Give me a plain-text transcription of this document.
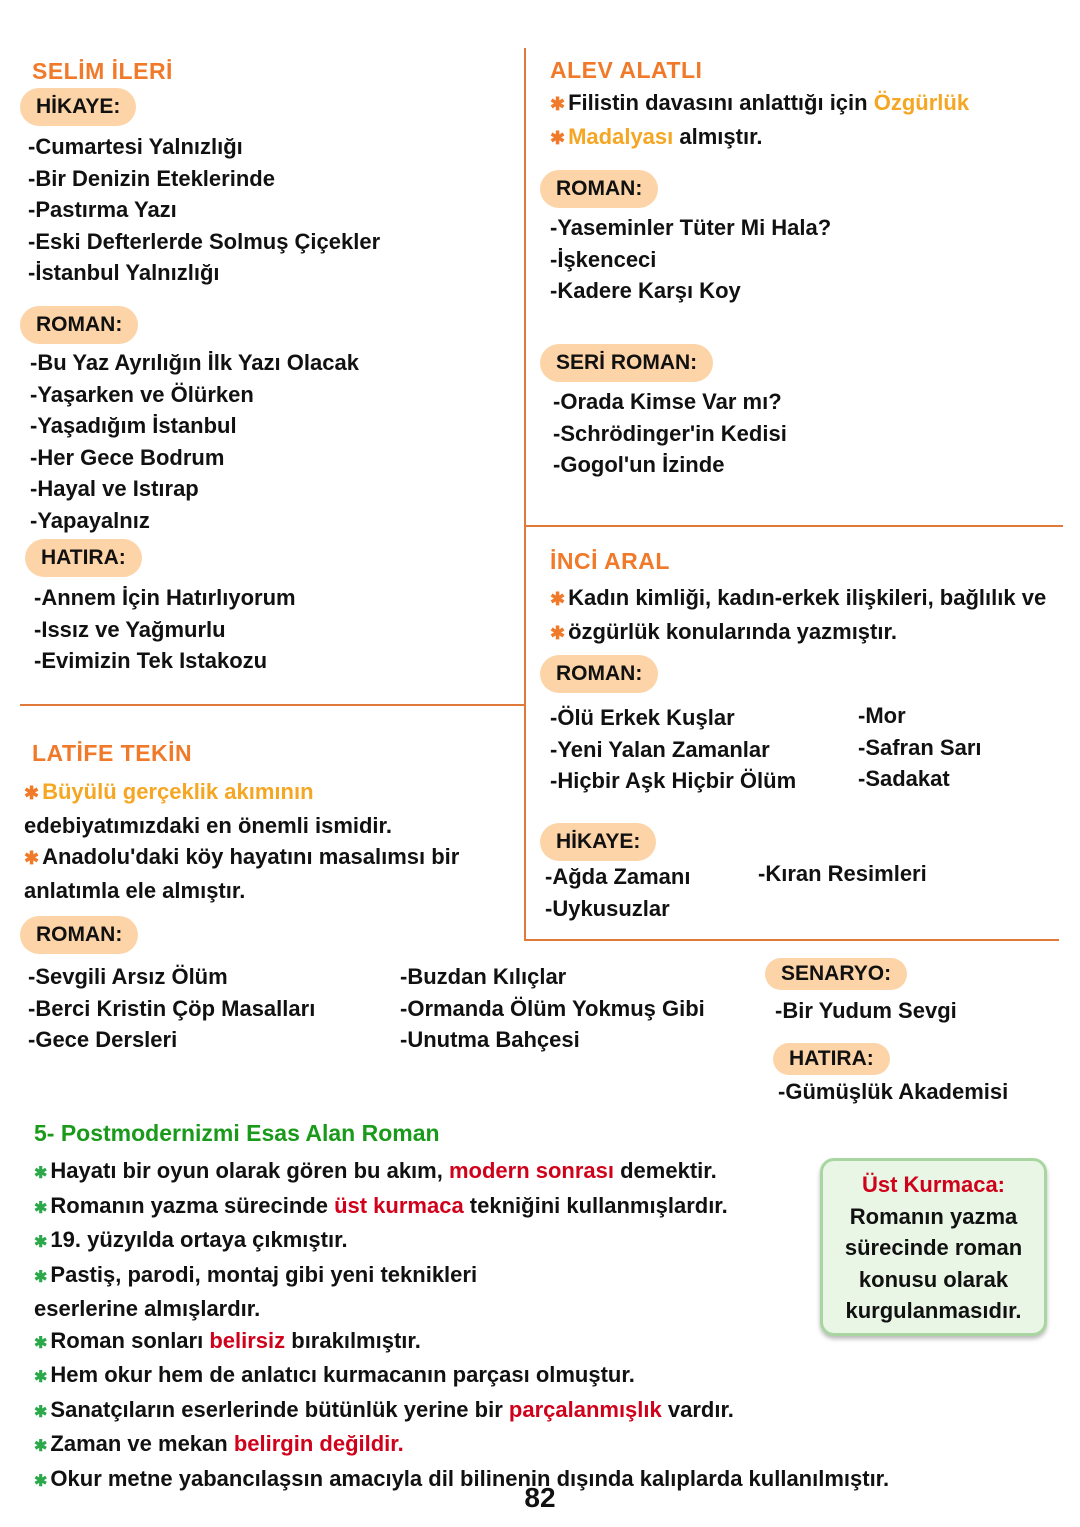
SELİM İLERİ
HİKAYE:
-Cumartesi Yalnızlığı
-Bir Denizin Eteklerinde
-Pastırma Yazı
-Eski Defterlerde Solmuş Çiçekler
-İstanbul Yalnızlığı
ROMAN:
-Bu Yaz Ayrılığın İlk Yazı Olacak
-Yaşarken ve Ölürken
-Yaşadığım İstanbul
-Her Gece Bodrum
-Hayal ve Istırap
-Yapayalnız
HATIRA:
-Annem İçin Hatırlıyorum
-Issız ve Yağmurlu
-Evimizin Tek Istakozu
ALEV ALATLI
✱ Filistin davasını anlattığı için Özgürlük
✱ Madalyası almıştır.
ROMAN:
-Yaseminler Tüter Mi Hala?
-İşkenceci
-Kadere Karşı Koy
SERİ ROMAN:
-Orada Kimse Var mı?
-Schrödinger'in Kedisi
-Gogol'un İzinde
İNCİ ARAL
✱ Kadın kimliği, kadın-erkek ilişkileri, bağlılık ve
✱ özgürlük konularında yazmıştır.
ROMAN:
-Ölü Erkek Kuşlar
-Yeni Yalan Zamanlar
-Hiçbir Aşk Hiçbir Ölüm
-Mor
-Safran Sarı
-Sadakat
HİKAYE:
-Ağda Zamanı
-Uykusuzlar
-Kıran Resimleri
LATİFE TEKİN
✱ Büyülü gerçeklik akımının
edebiyatımızdaki en önemli ismidir.
✱ Anadolu'daki köy hayatını masalımsı bir
anlatımla ele almıştır.
ROMAN:
-Sevgili Arsız Ölüm
-Berci Kristin Çöp Masalları
-Gece Dersleri
-Buzdan Kılıçlar
-Ormanda Ölüm Yokmuş Gibi
-Unutma Bahçesi
SENARYO:
-Bir Yudum Sevgi
HATIRA:
-Gümüşlük Akademisi
5- Postmodernizmi Esas Alan Roman
✱ Hayatı bir oyun olarak gören bu akım, modern sonrası demektir.
✱ Romanın yazma sürecinde üst kurmaca tekniğini kullanmışlardır.
✱ 19. yüzyılda ortaya çıkmıştır.
✱ Pastiş, parodi, montaj gibi yeni teknikleri
eserlerine almışlardır.
✱ Roman sonları belirsiz bırakılmıştır.
✱ Hem okur hem de anlatıcı kurmacanın parçası olmuştur.
✱ Sanatçıların eserlerinde bütünlük yerine bir parçalanmışlık vardır.
✱ Zaman ve mekan belirgin değildir.
✱ Okur metne yabancılaşsın amacıyla dil bilinenin dışında kalıplarda kullanılmıştır.
Üst Kurmaca:
Romanın yazma
sürecinde roman
konusu olarak
kurgulanmasıdır.
82
